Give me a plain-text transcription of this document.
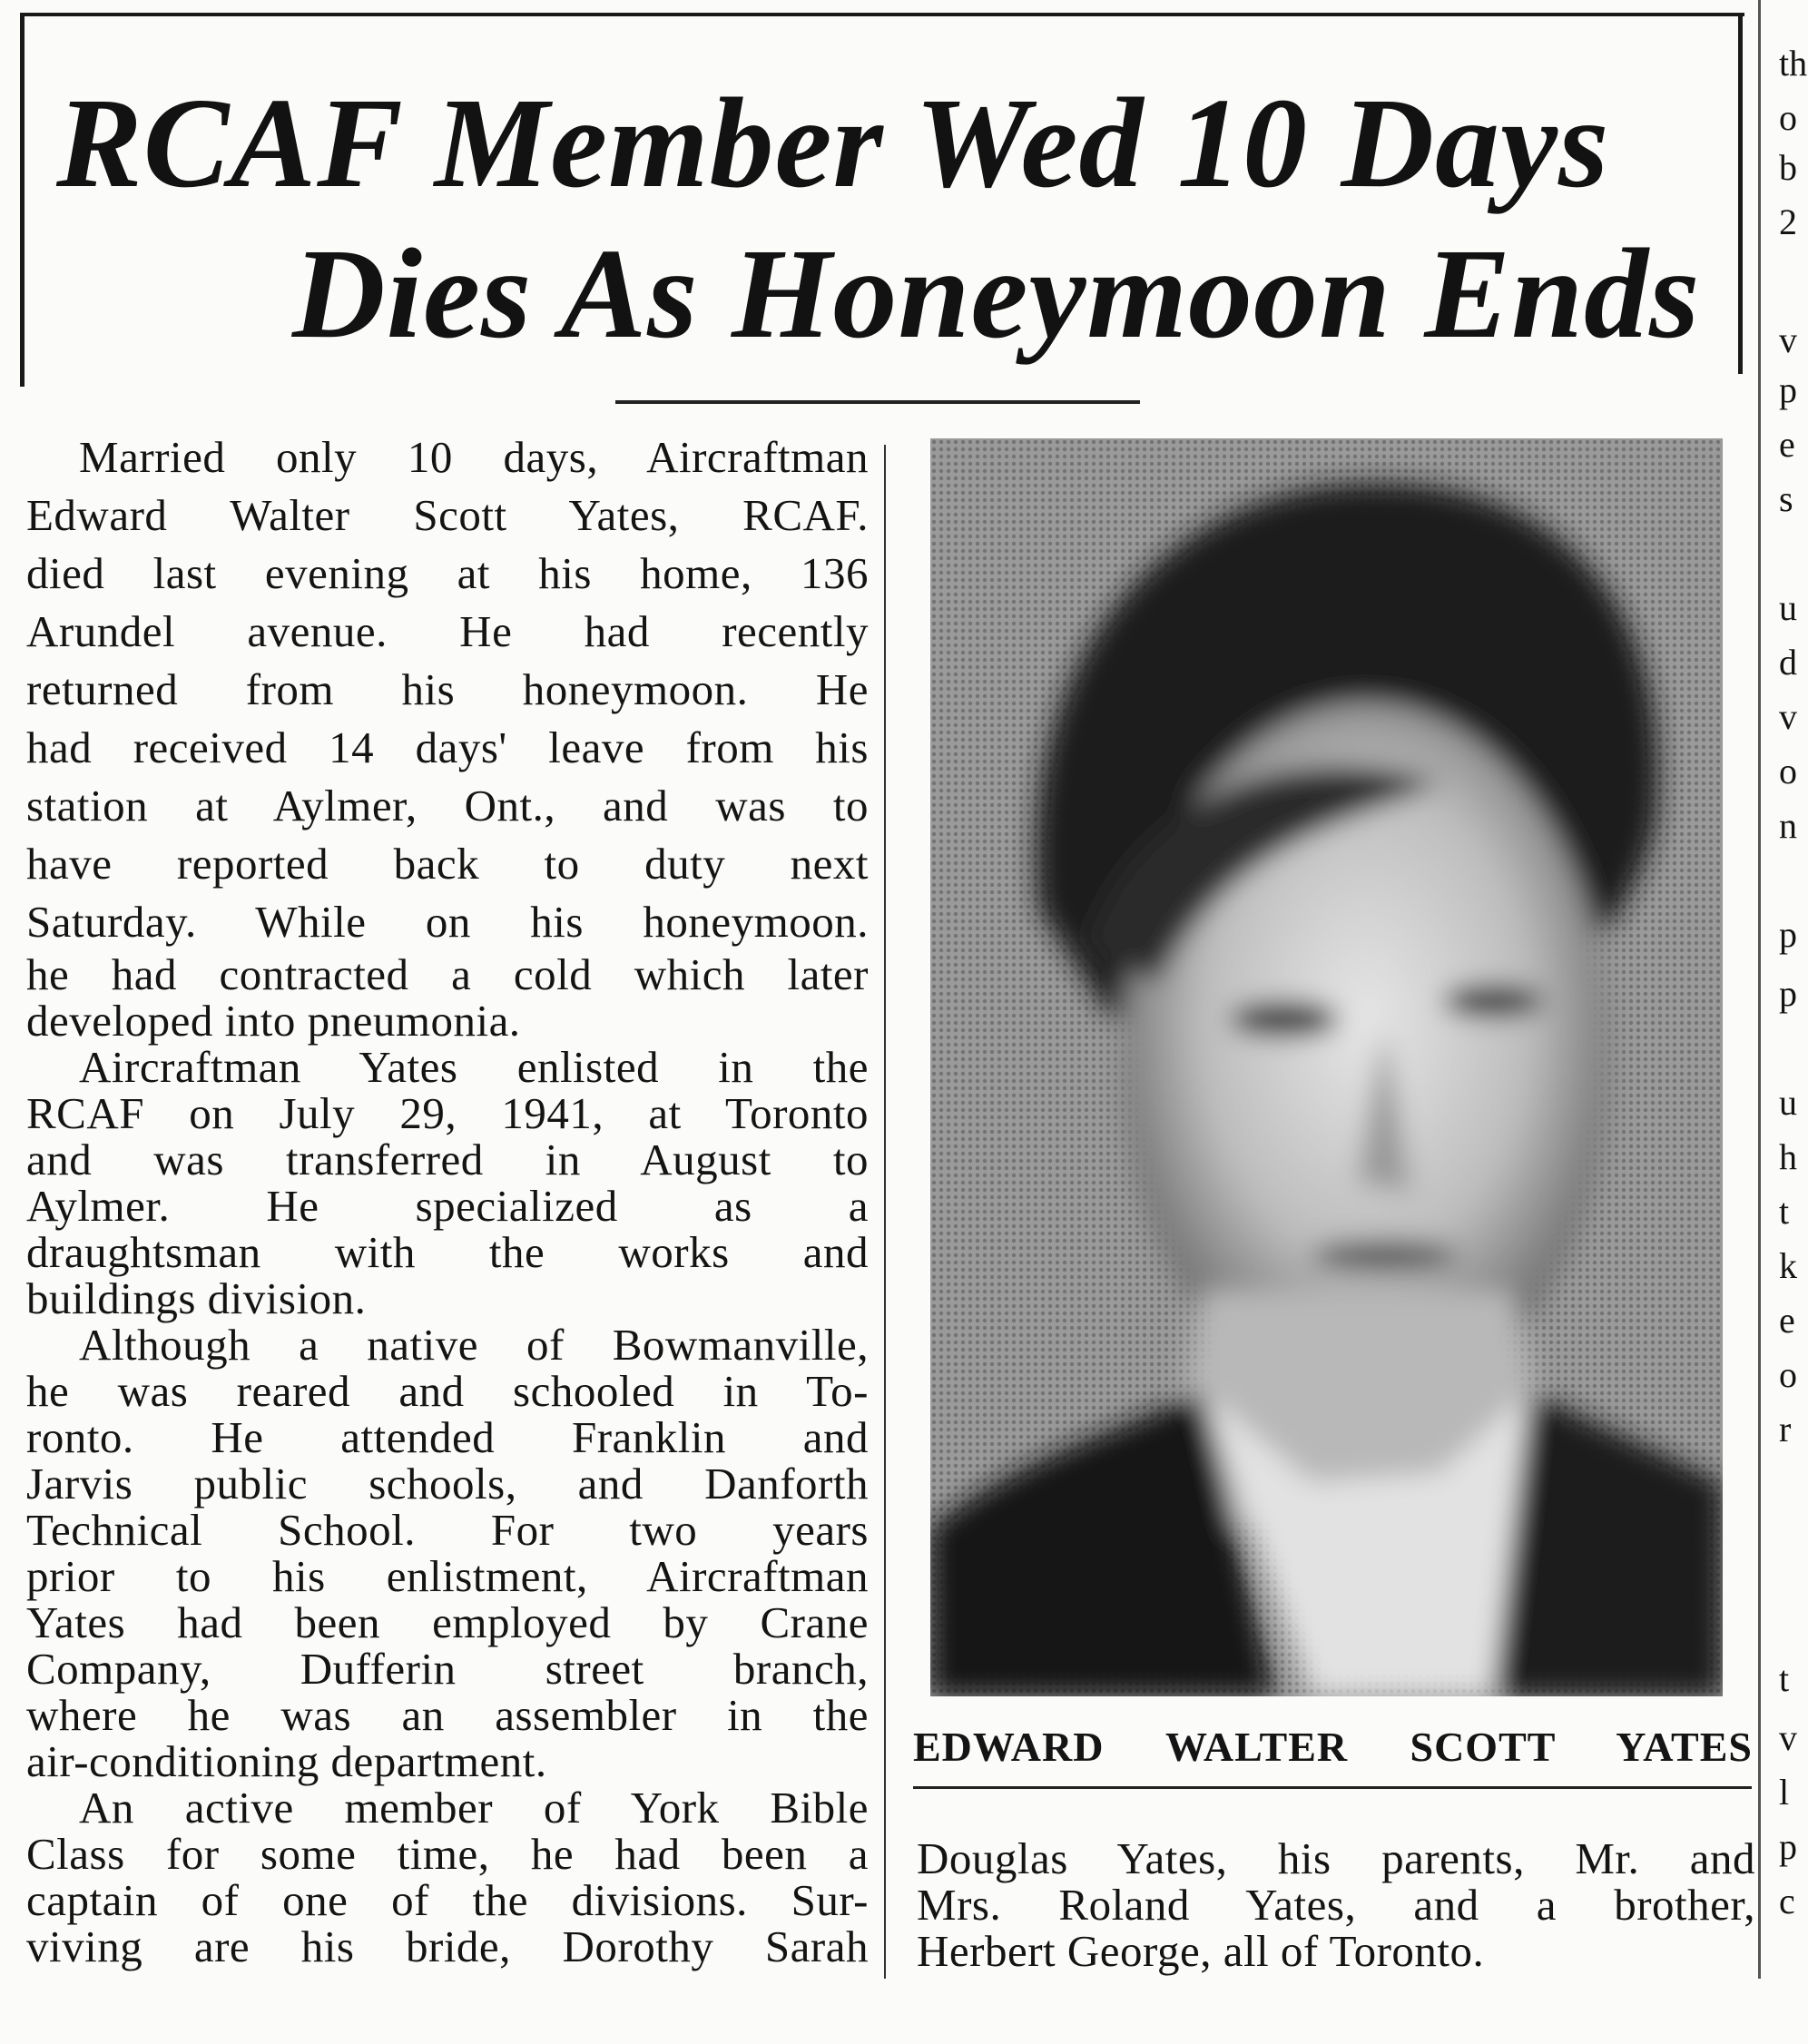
RCAF Member Wed 10 Days
Dies As Honeymoon Ends
Married only 10 days, Aircraftman
Edward Walter Scott Yates, RCAF.
died last evening at his home, 136
Arundel avenue. He had recently
returned from his honeymoon. He
had received 14 days' leave from his
station at Aylmer, Ont., and was to
have reported back to duty next
Saturday. While on his honeymoon.
he had contracted a cold which later
developed into pneumonia.
Aircraftman Yates enlisted in the
RCAF on July 29, 1941, at Toronto
and was transferred in August to
Aylmer. He specialized as a
draughtsman with the works and
buildings division.
Although a native of Bowmanville,
he was reared and schooled in To-
ronto. He attended Franklin and
Jarvis public schools, and Danforth
Technical School. For two years
prior to his enlistment, Aircraftman
Yates had been employed by Crane
Company, Dufferin street branch,
where he was an assembler in the
air-conditioning department.
An active member of York Bible
Class for some time, he had been a
captain of one of the divisions. Sur-
viving are his bride, Dorothy Sarah
EDWARD WALTER SCOTT YATES
Douglas Yates, his parents, Mr. and
Mrs. Roland Yates, and a brother,
Herbert George, all of Toronto.
th
o
b
2
v
p
e
s
u
d
v
o
n
p
p
u
h
t
k
e
o
r
t
v
l
p
c
